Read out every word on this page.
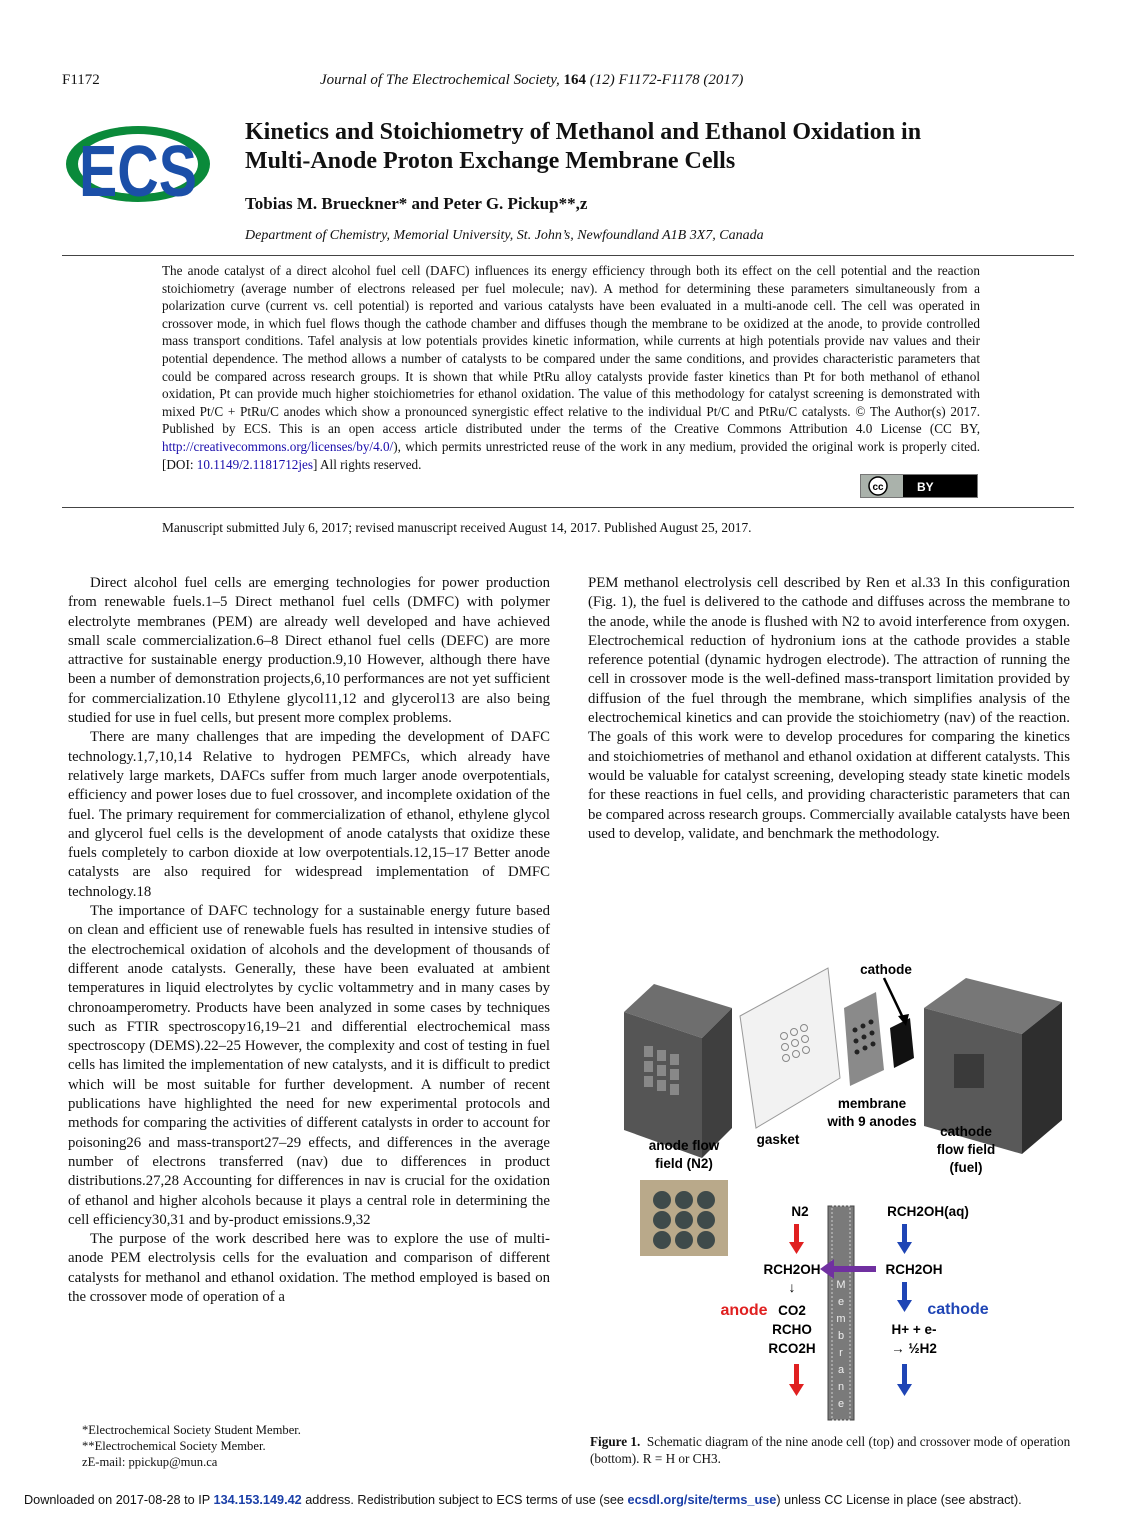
F1172	Journal of The Electrochemical Society, 164 (12) F1172-F1178 (2017)
ECS Kinetics and Stoichiometry of Methanol and Ethanol Oxidation in
Multi-Anode Proton Exchange Membrane Cells
Tobias M. Brueckner* and Peter G. Pickup**,z
Department of Chemistry, Memorial University, St. John’s, Newfoundland A1B 3X7, Canada
The anode catalyst of a direct alcohol fuel cell (DAFC) influences its energy efficiency through both its effect on the cell potential and the reaction stoichiometry (average number of electrons released per fuel molecule; nav). A method for determining these parameters simultaneously from a polarization curve (current vs. cell potential) is reported and various catalysts have been evaluated in a multi-anode cell. The cell was operated in crossover mode, in which fuel flows though the cathode chamber and diffuses though the membrane to be oxidized at the anode, to provide controlled mass transport conditions. Tafel analysis at low potentials provides kinetic information, while currents at high potentials provide nav values and their potential dependence. The method allows a number of catalysts to be compared under the same conditions, and provides characteristic parameters that could be compared across research groups. It is shown that while PtRu alloy catalysts provide faster kinetics than Pt for both methanol of ethanol oxidation, Pt can provide much higher stoichiometries for ethanol oxidation. The value of this methodology for catalyst screening is demonstrated with mixed Pt/C + PtRu/C anodes which show a pronounced synergistic effect relative to the individual Pt/C and PtRu/C catalysts. © The Author(s) 2017. Published by ECS. This is an open access article distributed under the terms of the Creative Commons Attribution 4.0 License (CC BY, http://creativecommons.org/licenses/by/4.0/), which permits unrestricted reuse of the work in any medium, provided the original work is properly cited. [DOI: 10.1149/2.1181712jes] All rights reserved.
cc	BY
Manuscript submitted July 6, 2017; revised manuscript received August 14, 2017. Published August 25, 2017.

Direct alcohol fuel cells are emerging technologies for power production from renewable fuels.1–5 Direct methanol fuel cells (DMFC) with polymer electrolyte membranes (PEM) are already well developed and have achieved small scale commercialization.6–8 Direct ethanol fuel cells (DEFC) are more attractive for sustainable energy production.9,10 However, although there have been a number of demonstration projects,6,10 performances are not yet sufficient for commercialization.10 Ethylene glycol11,12 and glycerol13 are also being studied for use in fuel cells, but present more complex problems.

There are many challenges that are impeding the development of DAFC technology.1,7,10,14 Relative to hydrogen PEMFCs, which already have relatively large markets, DAFCs suffer from much larger anode overpotentials, efficiency and power loses due to fuel crossover, and incomplete oxidation of the fuel. The primary requirement for commercialization of ethanol, ethylene glycol and glycerol fuel cells is the development of anode catalysts that oxidize these fuels completely to carbon dioxide at low overpotentials.12,15–17 Better anode catalysts are also required for widespread implementation of DMFC technology.18

The importance of DAFC technology for a sustainable energy future based on clean and efficient use of renewable fuels has resulted in intensive studies of the electrochemical oxidation of alcohols and the development of thousands of different anode catalysts. Generally, these have been evaluated at ambient temperatures in liquid electrolytes by cyclic voltammetry and in many cases by chronoamperometry. Products have been analyzed in some cases by techniques such as FTIR spectroscopy16,19–21 and differential electrochemical mass spectroscopy (DEMS).22–25 However, the complexity and cost of testing in fuel cells has limited the implementation of new catalysts, and it is difficult to predict which will be most suitable for further development. A number of recent publications have highlighted the need for new experimental protocols and methods for comparing the activities of different catalysts in order to account for poisoning26 and mass-transport27–29 effects, and differences in the average number of electrons transferred (nav) due to differences in product distributions.27,28 Accounting for differences in nav is crucial for the oxidation of ethanol and higher alcohols because it plays a central role in determining the cell efficiency30,31 and by-product emissions.9,32

The purpose of the work described here was to explore the use of multi-anode PEM electrolysis cells for the evaluation and comparison of different catalysts for methanol and ethanol oxidation. The method employed is based on the crossover mode of operation of a

PEM methanol electrolysis cell described by Ren et al.33 In this configuration (Fig. 1), the fuel is delivered to the cathode and diffuses across the membrane to the anode, while the anode is flushed with N2 to avoid interference from oxygen. Electrochemical reduction of hydronium ions at the cathode provides a stable reference potential (dynamic hydrogen electrode). The attraction of running the cell in crossover mode is the well-defined mass-transport limitation provided by diffusion of the fuel through the membrane, which simplifies analysis of the electrochemical kinetics and can provide the stoichiometry (nav) of the reaction. The goals of this work were to develop procedures for comparing the kinetics and stoichiometries of methanol and ethanol oxidation at different catalysts. This would be valuable for catalyst screening, developing steady state kinetic models for these reactions in fuel cells, and providing characteristic parameters that can be compared across research groups. Commercially available catalysts have been used to develop, validate, and benchmark the methodology.

cathode
membrane
with 9 anodes
gasket
anode flow
field (N2)
cathode
flow field
(fuel)
M
e
m
b
r
a
n
e
N2	RCH2OH(aq)
RCH2OH	RCH2OH
↓
anode CO2	cathode
RCHO	H+ + e-
RCO2H	→ ½H2
Figure 1. Schematic diagram of the nine anode cell (top) and crossover mode of operation (bottom). R = H or CH3.
*Electrochemical Society Student Member.
**Electrochemical Society Member.
zE-mail: ppickup@mun.ca
Downloaded on 2017-08-28 to IP 134.153.149.42 address. Redistribution subject to ECS terms of use (see ecsdl.org/site/terms_use) unless CC License in place (see abstract).
